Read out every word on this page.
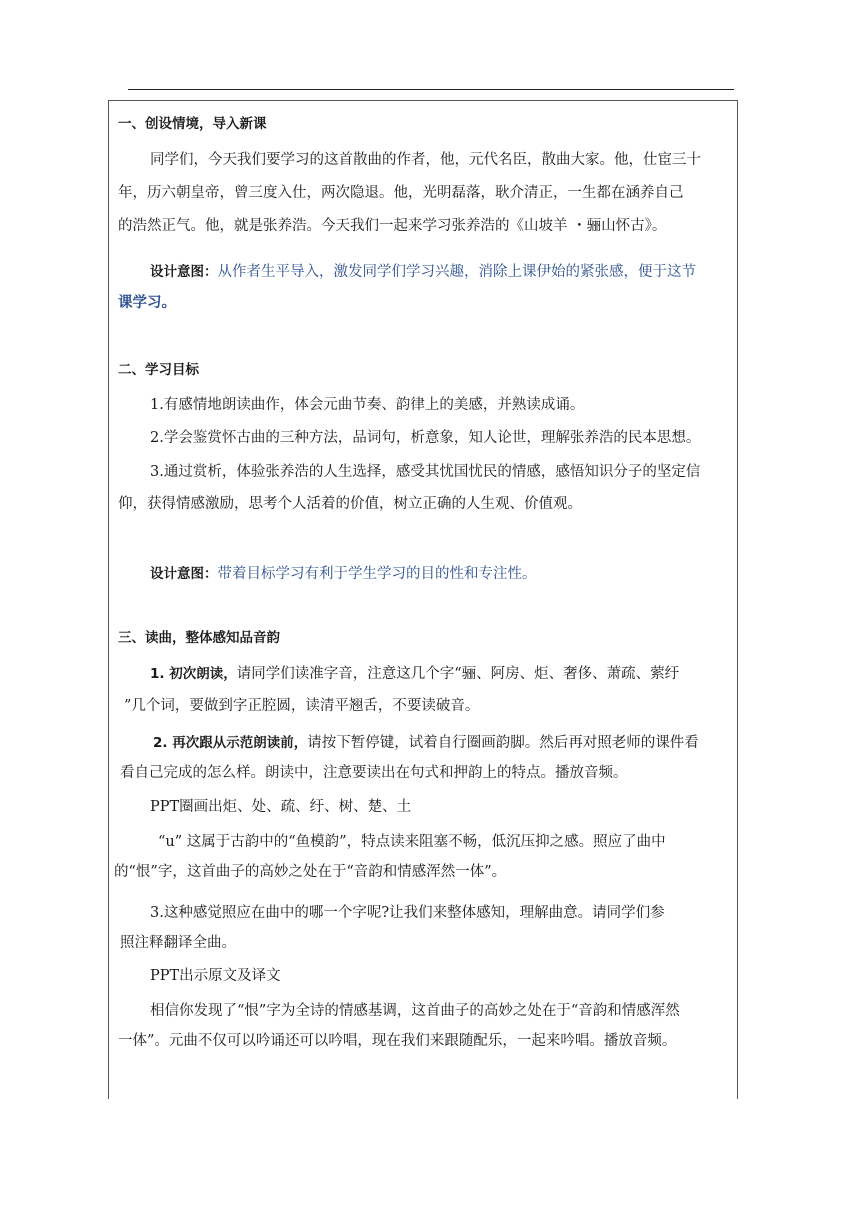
一、创设情境，导入新课
同学们，今天我们要学习的这首散曲的作者，他，元代名臣，散曲大家。他，仕宦三十
年，历六朝皇帝，曾三度入仕，两次隐退。他，光明磊落，耿介清正，一生都在涵养自己
的浩然正气。他，就是张养浩。今天我们一起来学习张养浩的《山坡羊 ・骊山怀古》。
设计意图：从作者生平导入，激发同学们学习兴趣，消除上课伊始的紧张感，便于这节
课学习。
二、学习目标
1.有感情地朗读曲作，体会元曲节奏、韵律上的美感，并熟读成诵。
2.学会鉴赏怀古曲的三种方法，品词句，析意象，知人论世，理解张养浩的民本思想。
3.通过赏析，体验张养浩的人生选择，感受其忧国忧民的情感，感悟知识分子的坚定信
仰，获得情感激励，思考个人活着的价值，树立正确的人生观、价值观。
设计意图：带着目标学习有利于学生学习的目的性和专注性。
三、读曲，整体感知品音韵
1. 初次朗读，请同学们读准字音，注意这几个字“骊、阿房、炬、奢侈、萧疏、萦纡
”几个词，要做到字正腔圆，读清平翘舌，不要读破音。
2. 再次跟从示范朗读前，请按下暂停键，试着自行圈画韵脚。然后再对照老师的课件看
看自己完成的怎么样。朗读中，注意要读出在句式和押韵上的特点。播放音频。
PPT圈画出炬、处、疏、纡、树、楚、土
“u” 这属于古韵中的“鱼模韵”，特点读来阻塞不畅，低沉压抑之感。照应了曲中
的“恨”字，这首曲子的高妙之处在于“音韵和情感浑然一体”。
3.这种感觉照应在曲中的哪一个字呢?让我们来整体感知，理解曲意。请同学们参
照注释翻译全曲。
PPT出示原文及译文
相信你发现了“恨”字为全诗的情感基调，这首曲子的高妙之处在于“音韵和情感浑然
一体”。元曲不仅可以吟诵还可以吟唱，现在我们来跟随配乐，一起来吟唱。播放音频。
